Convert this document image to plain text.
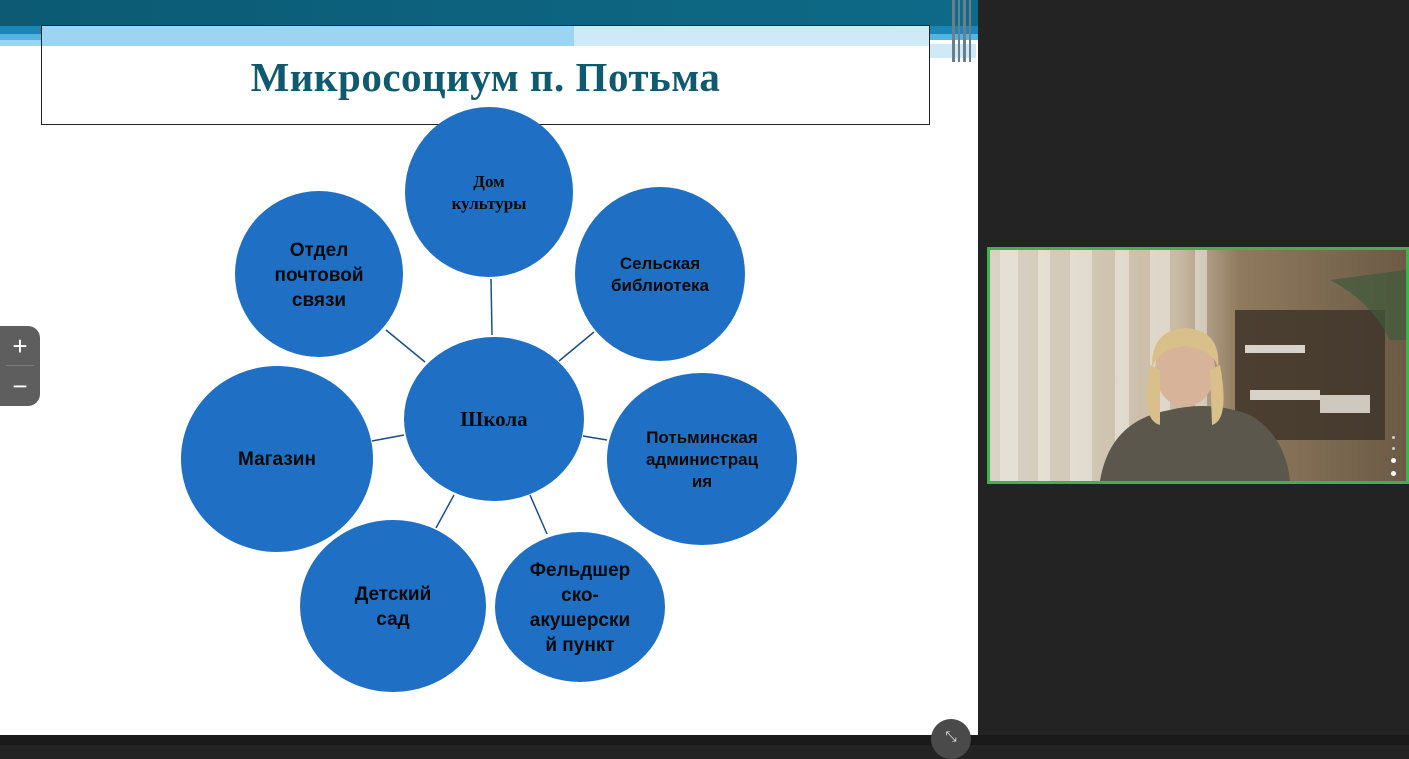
Микросоциум п. Потьма
Дом
культуры
Сельская
библиотека
Потьминская
администрац
ия
Фельдшер
ско-
акушерски
й пункт
Детский
сад
Магазин
Отдел
почтовой
связи
Школа
+
−
⤡
